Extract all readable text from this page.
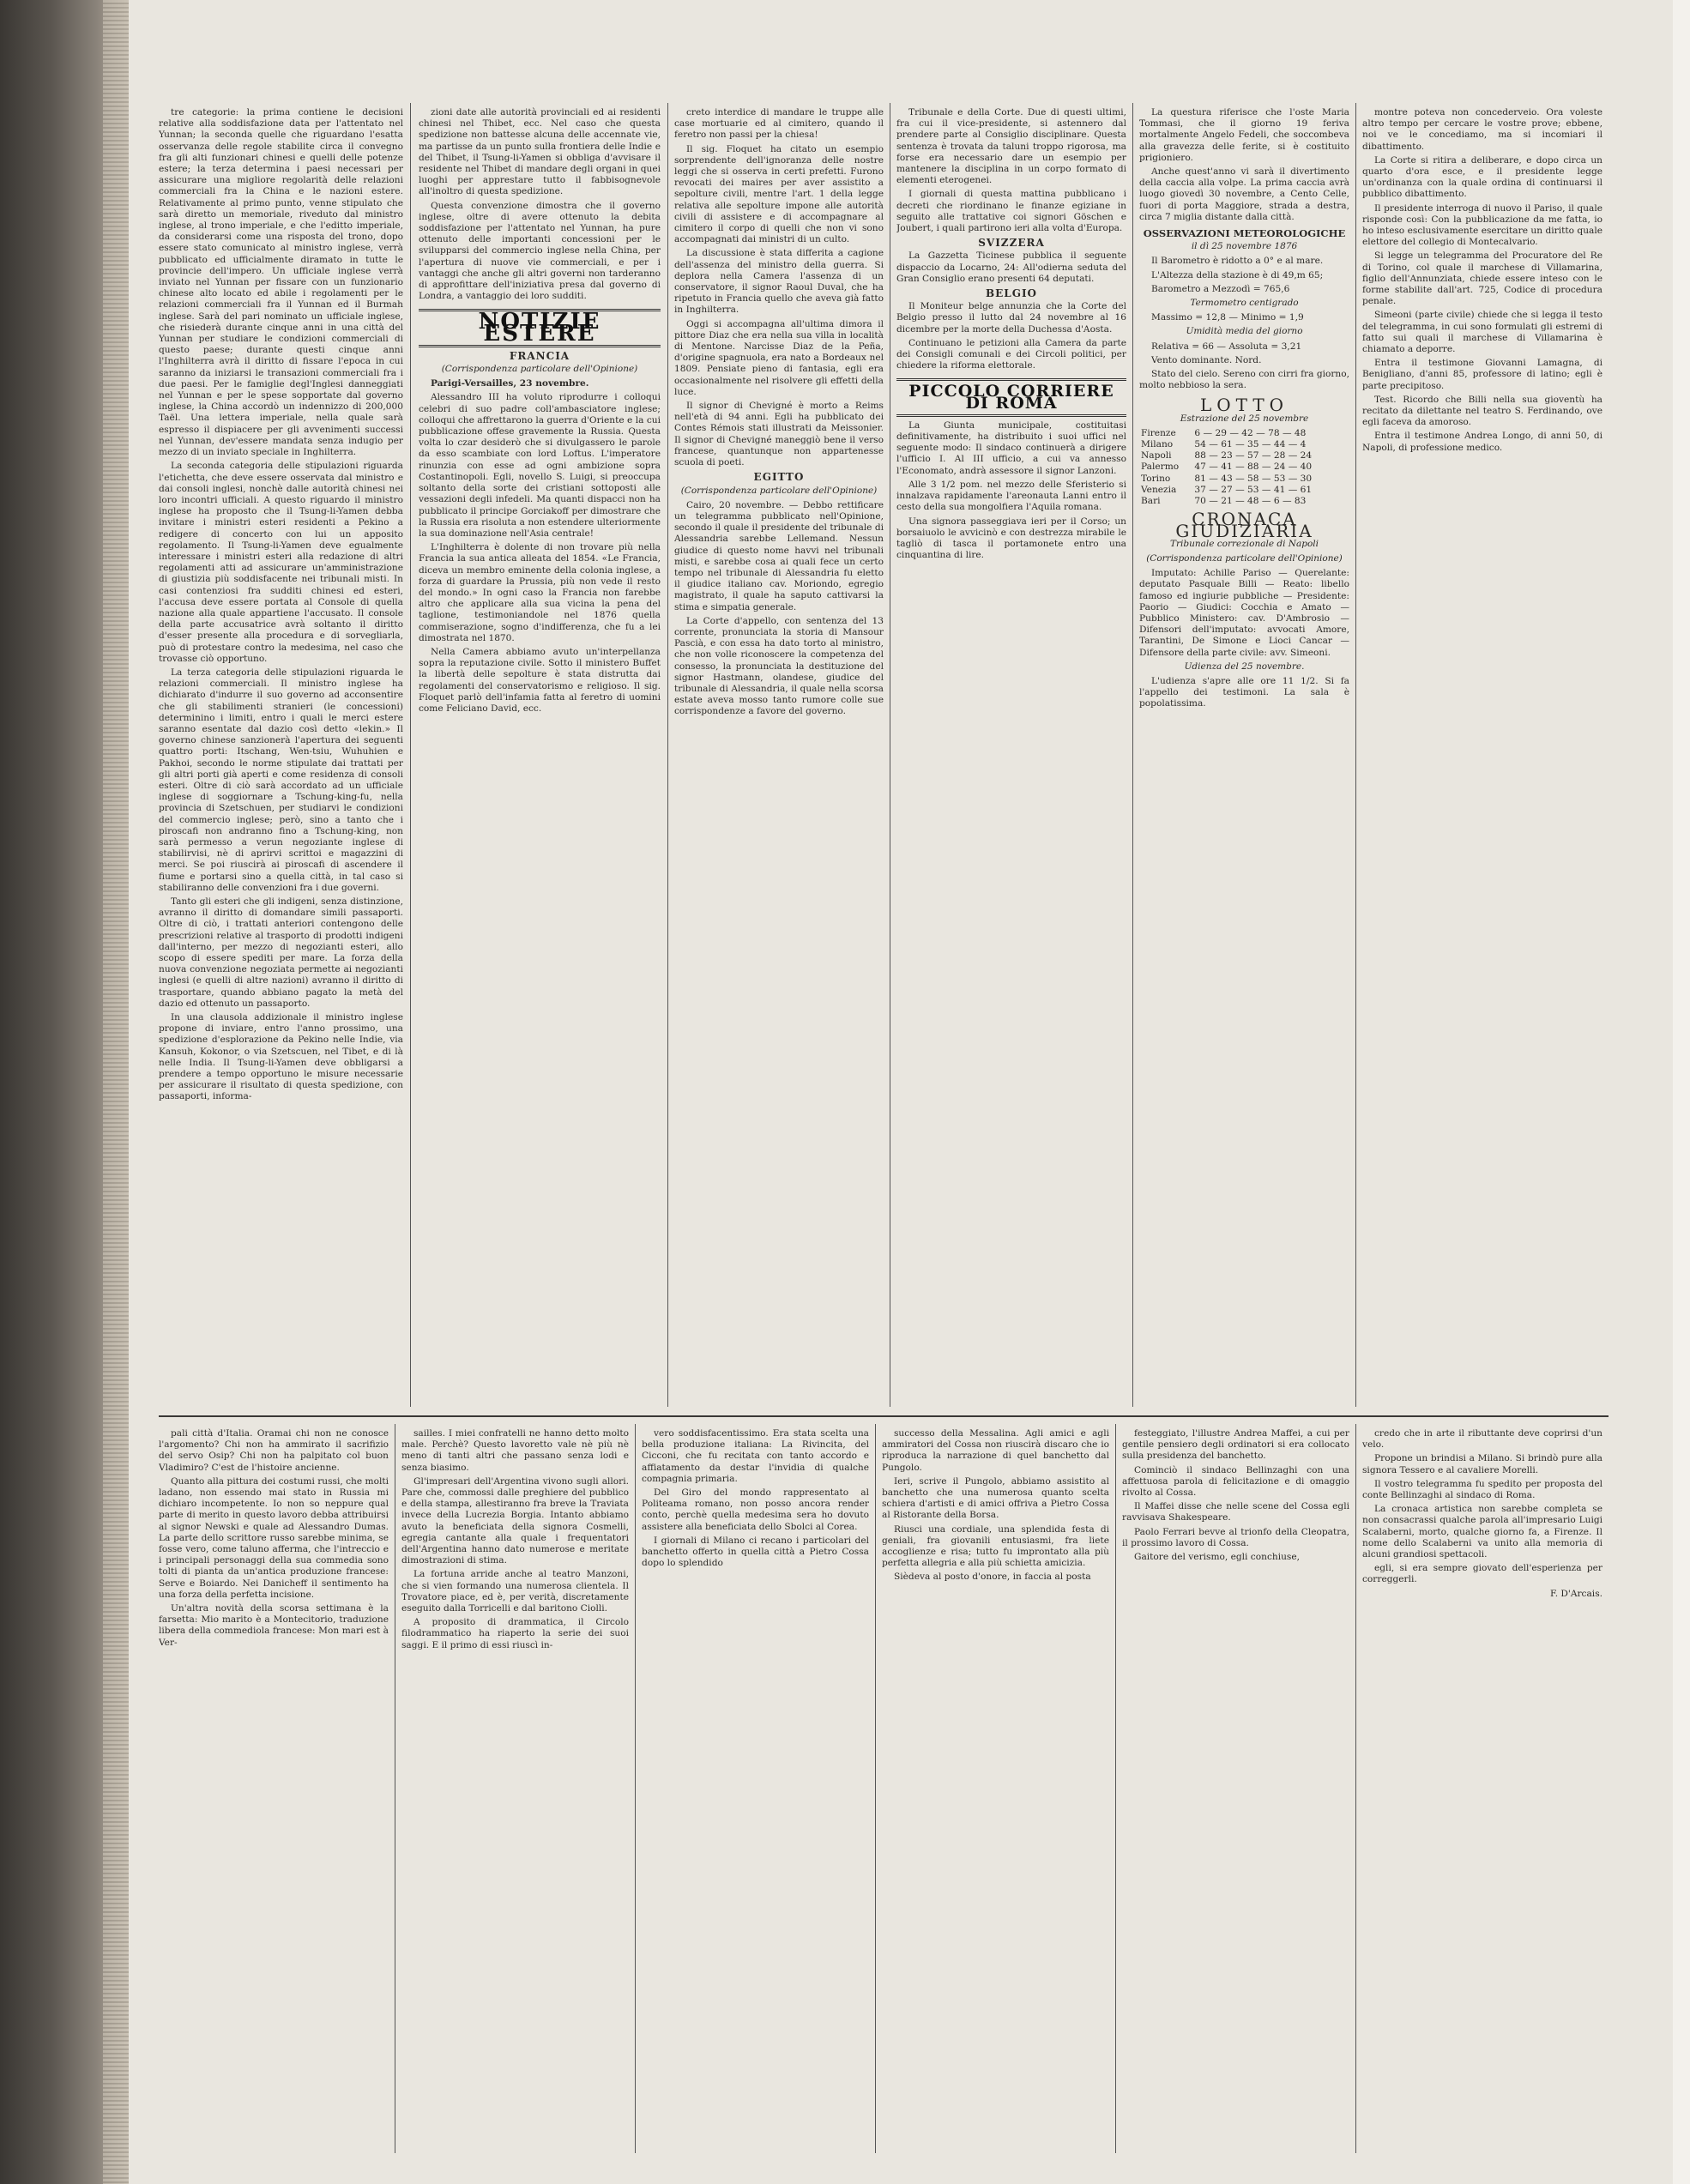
tre categorie: la prima contiene le decisioni relative alla soddisfazione data per l'attentato nel Yunnan; la seconda quelle che riguardano l'esatta osservanza delle regole stabilite circa il convegno fra gli alti funzionari chinesi e quelli delle potenze estere; la terza determina i paesi necessari per assicurare una migliore regolarità delle relazioni commerciali fra la China e le nazioni estere. Relativamente al primo punto, venne stipulato che sarà diretto un memoriale, riveduto dal ministro inglese, al trono imperiale, e che l'editto imperiale, da considerarsi come una risposta del trono, dopo essere stato comunicato al ministro inglese, verrà pubblicato ed ufficialmente diramato in tutte le provincie dell'impero. Un ufficiale inglese verrà inviato nel Yunnan per fissare con un funzionario chinese alto locato ed abile i regolamenti per le relazioni commerciali fra il Yunnan ed il Burmah inglese. Sarà del pari nominato un ufficiale inglese, che risiederà durante cinque anni in una città del Yunnan per studiare le condizioni commerciali di questo paese; durante questi cinque anni l'Inghilterra avrà il diritto di fissare l'epoca in cui saranno da iniziarsi le transazioni commerciali fra i due paesi. Per le famiglie degl'Inglesi danneggiati nel Yunnan e per le spese sopportate dal governo inglese, la China accordò un indennizzo di 200,000 Taël. Una lettera imperiale, nella quale sarà espresso il dispiacere per gli avvenimenti successi nel Yunnan, dev'essere mandata senza indugio per mezzo di un inviato speciale in Inghilterra.

La seconda categoria delle stipulazioni riguarda l'etichetta, che deve essere osservata dal ministro e dai consoli inglesi, nonchè dalle autorità chinesi nei loro incontri ufficiali. A questo riguardo il ministro inglese ha proposto che il Tsung-li-Yamen debba invitare i ministri esteri residenti a Pekino a redigere di concerto con lui un apposito regolamento. Il Tsung-li-Yamen deve egualmente interessare i ministri esteri alla redazione di altri regolamenti atti ad assicurare un'amministrazione di giustizia più soddisfacente nei tribunali misti. In casi contenziosi fra sudditi chinesi ed esteri, l'accusa deve essere portata al Console di quella nazione alla quale appartiene l'accusato. Il console della parte accusatrice avrà soltanto il diritto d'esser presente alla procedura e di sorvegliarla, può di protestare contro la medesima, nel caso che trovasse ciò opportuno.

La terza categoria delle stipulazioni riguarda le relazioni commerciali. Il ministro inglese ha dichiarato d'indurre il suo governo ad acconsentire che gli stabilimenti stranieri (le concessioni) determinino i limiti, entro i quali le merci estere saranno esentate dal dazio così detto «lekin.» Il governo chinese sanzionerà l'apertura dei seguenti quattro porti: Itschang, Wen-tsiu, Wuhuhien e Pakhoi, secondo le norme stipulate dai trattati per gli altri porti già aperti e come residenza di consoli esteri. Oltre di ciò sarà accordato ad un ufficiale inglese di soggiornare a Tschung-king-fu, nella provincia di Szetschuen, per studiarvi le condizioni del commercio inglese; però, sino a tanto che i piroscafi non andranno fino a Tschung-king, non sarà permesso a verun negoziante inglese di stabilirvisi, nè di aprirvi scrittoi e magazzini di merci. Se poi riuscirà ai piroscafi di ascendere il fiume e portarsi sino a quella città, in tal caso si stabiliranno delle convenzioni fra i due governi.

Tanto gli esteri che gli indigeni, senza distinzione, avranno il diritto di domandare simili passaporti. Oltre di ciò, i trattati anteriori contengono delle prescrizioni relative al trasporto di prodotti indigeni dall'interno, per mezzo di negozianti esteri, allo scopo di essere spediti per mare. La forza della nuova convenzione negoziata permette ai negozianti inglesi (e quelli di altre nazioni) avranno il diritto di trasportare, quando abbiano pagato la metà del dazio ed ottenuto un passaporto.

In una clausola addizionale il ministro inglese propone di inviare, entro l'anno prossimo, una spedizione d'esplorazione da Pekino nelle Indie, via Kansuh, Kokonor, o via Szetscuen, nel Tibet, e di là nelle India. Il Tsung-li-Yamen deve obbligarsi a prendere a tempo opportuno le misure necessarie per assicurare il risultato di questa spedizione, con passaporti, informa-

zioni date alle autorità provinciali ed ai residenti chinesi nel Thibet, ecc. Nel caso che questa spedizione non battesse alcuna delle accennate vie, ma partisse da un punto sulla frontiera delle Indie e del Thibet, il Tsung-li-Yamen si obbliga d'avvisare il residente nel Thibet di mandare degli organi in quei luoghi per apprestare tutto il fabbisognevole all'inoltro di questa spedizione.

Questa convenzione dimostra che il governo inglese, oltre di avere ottenuto la debita soddisfazione per l'attentato nel Yunnan, ha pure ottenuto delle importanti concessioni per le svilupparsi del commercio inglese nella China, per l'apertura di nuove vie commerciali, e per i vantaggi che anche gli altri governi non tarderanno di approfittare dell'iniziativa presa dal governo di Londra, a vantaggio dei loro sudditi.

NOTIZIE ESTERE
FRANCIA
(Corrispondenza particolare dell'Opinione)

Parigi-Versailles, 23 novembre.

Alessandro III ha voluto riprodurre i colloqui celebri di suo padre coll'ambasciatore inglese; colloqui che affrettarono la guerra d'Oriente e la cui pubblicazione offese gravemente la Russia. Questa volta lo czar desiderò che si divulgassero le parole da esso scambiate con lord Loftus. L'imperatore rinunzia con esse ad ogni ambizione sopra Costantinopoli. Egli, novello S. Luigi, si preoccupa soltanto della sorte dei cristiani sottoposti alle vessazioni degli infedeli. Ma quanti dispacci non ha pubblicato il principe Gorciakoff per dimostrare che la Russia era risoluta a non estendere ulteriormente la sua dominazione nell'Asia centrale!

L'Inghilterra è dolente di non trovare più nella Francia la sua antica alleata del 1854. «Le Francia, diceva un membro eminente della colonia inglese, a forza di guardare la Prussia, più non vede il resto del mondo.» In ogni caso la Francia non farebbe altro che applicare alla sua vicina la pena del taglione, testimoniandole nel 1876 quella commiserazione, sogno d'indifferenza, che fu a lei dimostrata nel 1870.

Nella Camera abbiamo avuto un'interpellanza sopra la reputazione civile. Sotto il ministero Buffet la libertà delle sepolture è stata distrutta dai regolamenti del conservatorismo e religioso. Il sig. Floquet parlò dell'infamia fatta al feretro di uomini come Feliciano David, ecc.

creto interdice di mandare le truppe alle case mortuarie ed al cimitero, quando il feretro non passi per la chiesa!

Il sig. Floquet ha citato un esempio sorprendente dell'ignoranza delle nostre leggi che si osserva in certi prefetti. Furono revocati dei maires per aver assistito a sepolture civili, mentre l'art. 1 della legge relativa alle sepolture impone alle autorità civili di assistere e di accompagnare al cimitero il corpo di quelli che non vi sono accompagnati dai ministri di un culto.

La discussione è stata differita a cagione dell'assenza del ministro della guerra. Si deplora nella Camera l'assenza di un conservatore, il signor Raoul Duval, che ha ripetuto in Francia quello che aveva già fatto in Inghilterra.

Oggi si accompagna all'ultima dimora il pittore Diaz che era nella sua villa in località di Mentone. Narcisse Diaz de la Peña, d'origine spagnuola, era nato a Bordeaux nel 1809. Pensiate pieno di fantasia, egli era occasionalmente nel risolvere gli effetti della luce.

Il signor di Chevigné è morto a Reims nell'età di 94 anni. Egli ha pubblicato dei Contes Rémois stati illustrati da Meissonier. Il signor di Chevigné maneggiò bene il verso francese, quantunque non appartenesse scuola di poeti.

EGITTO
(Corrispondenza particolare dell'Opinione)

Cairo, 20 novembre. — Debbo rettificare un telegramma pubblicato nell'Opinione, secondo il quale il presidente del tribunale di Alessandria sarebbe Lellemand. Nessun giudice di questo nome havvi nel tribunali misti, e sarebbe cosa ai quali fece un certo tempo nel tribunale di Alessandria fu eletto il giudice italiano cav. Moriondo, egregio magistrato, il quale ha saputo cattivarsi la stima e simpatia generale.

La Corte d'appello, con sentenza del 13 corrente, pronunciata la storia di Mansour Pascià, e con essa ha dato torto al ministro, che non volle riconoscere la competenza del consesso, la pronunciata la destituzione del signor Hastmann, olandese, giudice del tribunale di Alessandria, il quale nella scorsa estate aveva mosso tanto rumore colle sue corrispondenze a favore del governo.

Tribunale e della Corte. Due di questi ultimi, fra cui il vice-presidente, si astennero dal prendere parte al Consiglio disciplinare. Questa sentenza è trovata da taluni troppo rigorosa, ma forse era necessario dare un esempio per mantenere la disciplina in un corpo formato di elementi eterogenei.

I giornali di questa mattina pubblicano i decreti che riordinano le finanze egiziane in seguito alle trattative coi signori Göschen e Joubert, i quali partirono ieri alla volta d'Europa.

SVIZZERA

La Gazzetta Ticinese pubblica il seguente dispaccio da Locarno, 24: All'odierna seduta del Gran Consiglio erano presenti 64 deputati.

BELGIO

Il Moniteur belge annunzia che la Corte del Belgio presso il lutto dal 24 novembre al 16 dicembre per la morte della Duchessa d'Aosta.

Continuano le petizioni alla Camera da parte dei Consigli comunali e dei Circoli politici, per chiedere la riforma elettorale.

PICCOLO CORRIERE DI ROMA

La Giunta municipale, costituitasi definitivamente, ha distribuito i suoi uffici nel seguente modo: Il sindaco continuerà a dirigere l'ufficio I. Al III ufficio, a cui va annesso l'Economato, andrà assessore il signor Lanzoni.

Alle 3 1/2 pom. nel mezzo delle Sferisterio si innalzava rapidamente l'areonauta Lanni entro il cesto della sua mongolfiera l'Aquila romana.

Una signora passeggiava ieri per il Corso; un borsaiuolo le avvicinò e con destrezza mirabile le tagliò di tasca il portamonete entro una cinquantina di lire.

La questura riferisce che l'oste Maria Tommasi, che il giorno 19 feriva mortalmente Angelo Fedeli, che soccombeva alla gravezza delle ferite, si è costituito prigioniero.

Anche quest'anno vi sarà il divertimento della caccia alla volpe. La prima caccia avrà luogo giovedì 30 novembre, a Cento Celle, fuori di porta Maggiore, strada a destra, circa 7 miglia distante dalla città.

OSSERVAZIONI METEOROLOGICHE
il dì 25 novembre 1876

Il Barometro è ridotto a 0° e al mare.

L'Altezza della stazione è di 49,m 65;

Barometro a Mezzodì = 765,6

Termometro centigrado

Massimo = 12,8 — Minimo = 1,9

Umidità media del giorno

Relativa = 66 — Assoluta = 3,21

Vento dominante. Nord.

Stato del cielo. Sereno con cirri fra giorno, molto nebbioso la sera.

LOTTO
Estrazione del 25 novembre
Firenze	6 — 29 — 42 — 78 — 48
Milano	54 — 61 — 35 — 44 — 4
Napoli	88 — 23 — 57 — 28 — 24
Palermo	47 — 41 — 88 — 24 — 40
Torino	81 — 43 — 58 — 53 — 30
Venezia	37 — 27 — 53 — 41 — 61
Bari	70 — 21 — 48 — 6 — 83
CRONACA GIUDIZIARIA
Tribunale correzionale di Napoli
(Corrispondenza particolare dell'Opinione)

Imputato: Achille Pariso — Querelante: deputato Pasquale Billi — Reato: libello famoso ed ingiurie pubbliche — Presidente: Paorio — Giudici: Cocchia e Amato — Pubblico Ministero: cav. D'Ambrosio — Difensori dell'imputato: avvocati Amore, Tarantini, De Simone e Lioci Cancar — Difensore della parte civile: avv. Simeoni.

Udienza del 25 novembre.

L'udienza s'apre alle ore 11 1/2. Si fa l'appello dei testimoni. La sala è popolatissima.

montre poteva non concederveio. Ora voleste altro tempo per cercare le vostre prove; ebbene, noi ve le concediamo, ma si incomiari il dibattimento.

La Corte si ritira a deliberare, e dopo circa un quarto d'ora esce, e il presidente legge un'ordinanza con la quale ordina di continuarsi il pubblico dibattimento.

Il presidente interroga di nuovo il Pariso, il quale risponde così: Con la pubblicazione da me fatta, io ho inteso esclusivamente esercitare un diritto quale elettore del collegio di Montecalvario.

Si legge un telegramma del Procuratore del Re di Torino, col quale il marchese di Villamarina, figlio dell'Annunziata, chiede essere inteso con le forme stabilite dall'art. 725, Codice di procedura penale.

Simeoni (parte civile) chiede che si legga il testo del telegramma, in cui sono formulati gli estremi di fatto sui quali il marchese di Villamarina è chiamato a deporre.

Entra il testimone Giovanni Lamagna, di Benigliano, d'anni 85, professore di latino; egli è parte precipitoso.

Test. Ricordo che Billi nella sua gioventù ha recitato da dilettante nel teatro S. Ferdinando, ove egli faceva da amoroso.

Entra il testimone Andrea Longo, di anni 50, di Napoli, di professione medico.

pali città d'Italia. Oramai chi non ne conosce l'argomento? Chi non ha ammirato il sacrifizio del servo Osip? Chi non ha palpitato col buon Vladimiro? C'est de l'histoire ancienne.

Quanto alla pittura dei costumi russi, che molti ladano, non essendo mai stato in Russia mi dichiaro incompetente. Io non so neppure qual parte di merito in questo lavoro debba attribuirsi al signor Newski e quale ad Alessandro Dumas. La parte dello scrittore russo sarebbe minima, se fosse vero, come taluno afferma, che l'intreccio e i principali personaggi della sua commedia sono tolti di pianta da un'antica produzione francese: Serve e Boiardo. Nei Danicheff il sentimento ha una forza della perfetta incisione.

Un'altra novità della scorsa settimana è la farsetta: Mio marito è a Montecitorio, traduzione libera della commediola francese: Mon mari est à Ver-

sailles. I miei confratelli ne hanno detto molto male. Perchè? Questo lavoretto vale nè più nè meno di tanti altri che passano senza lodi e senza biasimo.

Gl'impresari dell'Argentina vivono sugli allori. Pare che, commossi dalle preghiere del pubblico e della stampa, allestiranno fra breve la Traviata invece della Lucrezia Borgia. Intanto abbiamo avuto la beneficiata della signora Cosmelli, egregia cantante alla quale i frequentatori dell'Argentina hanno dato numerose e meritate dimostrazioni di stima.

La fortuna arride anche al teatro Manzoni, che si vien formando una numerosa clientela. Il Trovatore piace, ed è, per verità, discretamente eseguito dalla Torricelli e dal baritono Ciolli.

A proposito di drammatica, il Circolo filodrammatico ha riaperto la serie dei suoi saggi. E il primo di essi riuscì in-

vero soddisfacentissimo. Era stata scelta una bella produzione italiana: La Rivincita, del Cicconi, che fu recitata con tanto accordo e affiatamento da destar l'invidia di qualche compagnia primaria.

Del Giro del mondo rappresentato al Politeama romano, non posso ancora render conto, perchè quella medesima sera ho dovuto assistere alla beneficiata dello Sbolci al Corea.

I giornali di Milano ci recano i particolari del banchetto offerto in quella città a Pietro Cossa dopo lo splendido

successo della Messalina. Agli amici e agli ammiratori del Cossa non riuscirà discaro che io riproduca la narrazione di quel banchetto dal Pungolo.

Ieri, scrive il Pungolo, abbiamo assistito al banchetto che una numerosa quanto scelta schiera d'artisti e di amici offriva a Pietro Cossa al Ristorante della Borsa.

Riusci una cordiale, una splendida festa di geniali, fra giovanili entusiasmi, fra liete accoglienze e risa; tutto fu improntato alla più perfetta allegria e alla più schietta amicizia.

Sièdeva al posto d'onore, in faccia al posta

festeggiato, l'illustre Andrea Maffei, a cui per gentile pensiero degli ordinatori si era collocato sulla presidenza del banchetto.

Cominciò il sindaco Bellinzaghi con una affettuosa parola di felicitazione e di omaggio rivolto al Cossa.

Il Maffei disse che nelle scene del Cossa egli ravvisava Shakespeare.

Paolo Ferrari bevve al trionfo della Cleopatra, il prossimo lavoro di Cossa.

Gaitore del verismo, egli conchiuse,

credo che in arte il ributtante deve coprirsi d'un velo.

Propone un brindisi a Milano. Si brindò pure alla signora Tessero e al cavaliere Morelli.

Il vostro telegramma fu spedito per proposta del conte Bellinzaghi al sindaco di Roma.

La cronaca artistica non sarebbe completa se non consacrassi qualche parola all'impresario Luigi Scalaberni, morto, qualche giorno fa, a Firenze. Il nome dello Scalaberni va unito alla memoria di alcuni grandiosi spettacoli.

egli, si era sempre giovato dell'esperienza per correggerli.

F. D'Arcais.
